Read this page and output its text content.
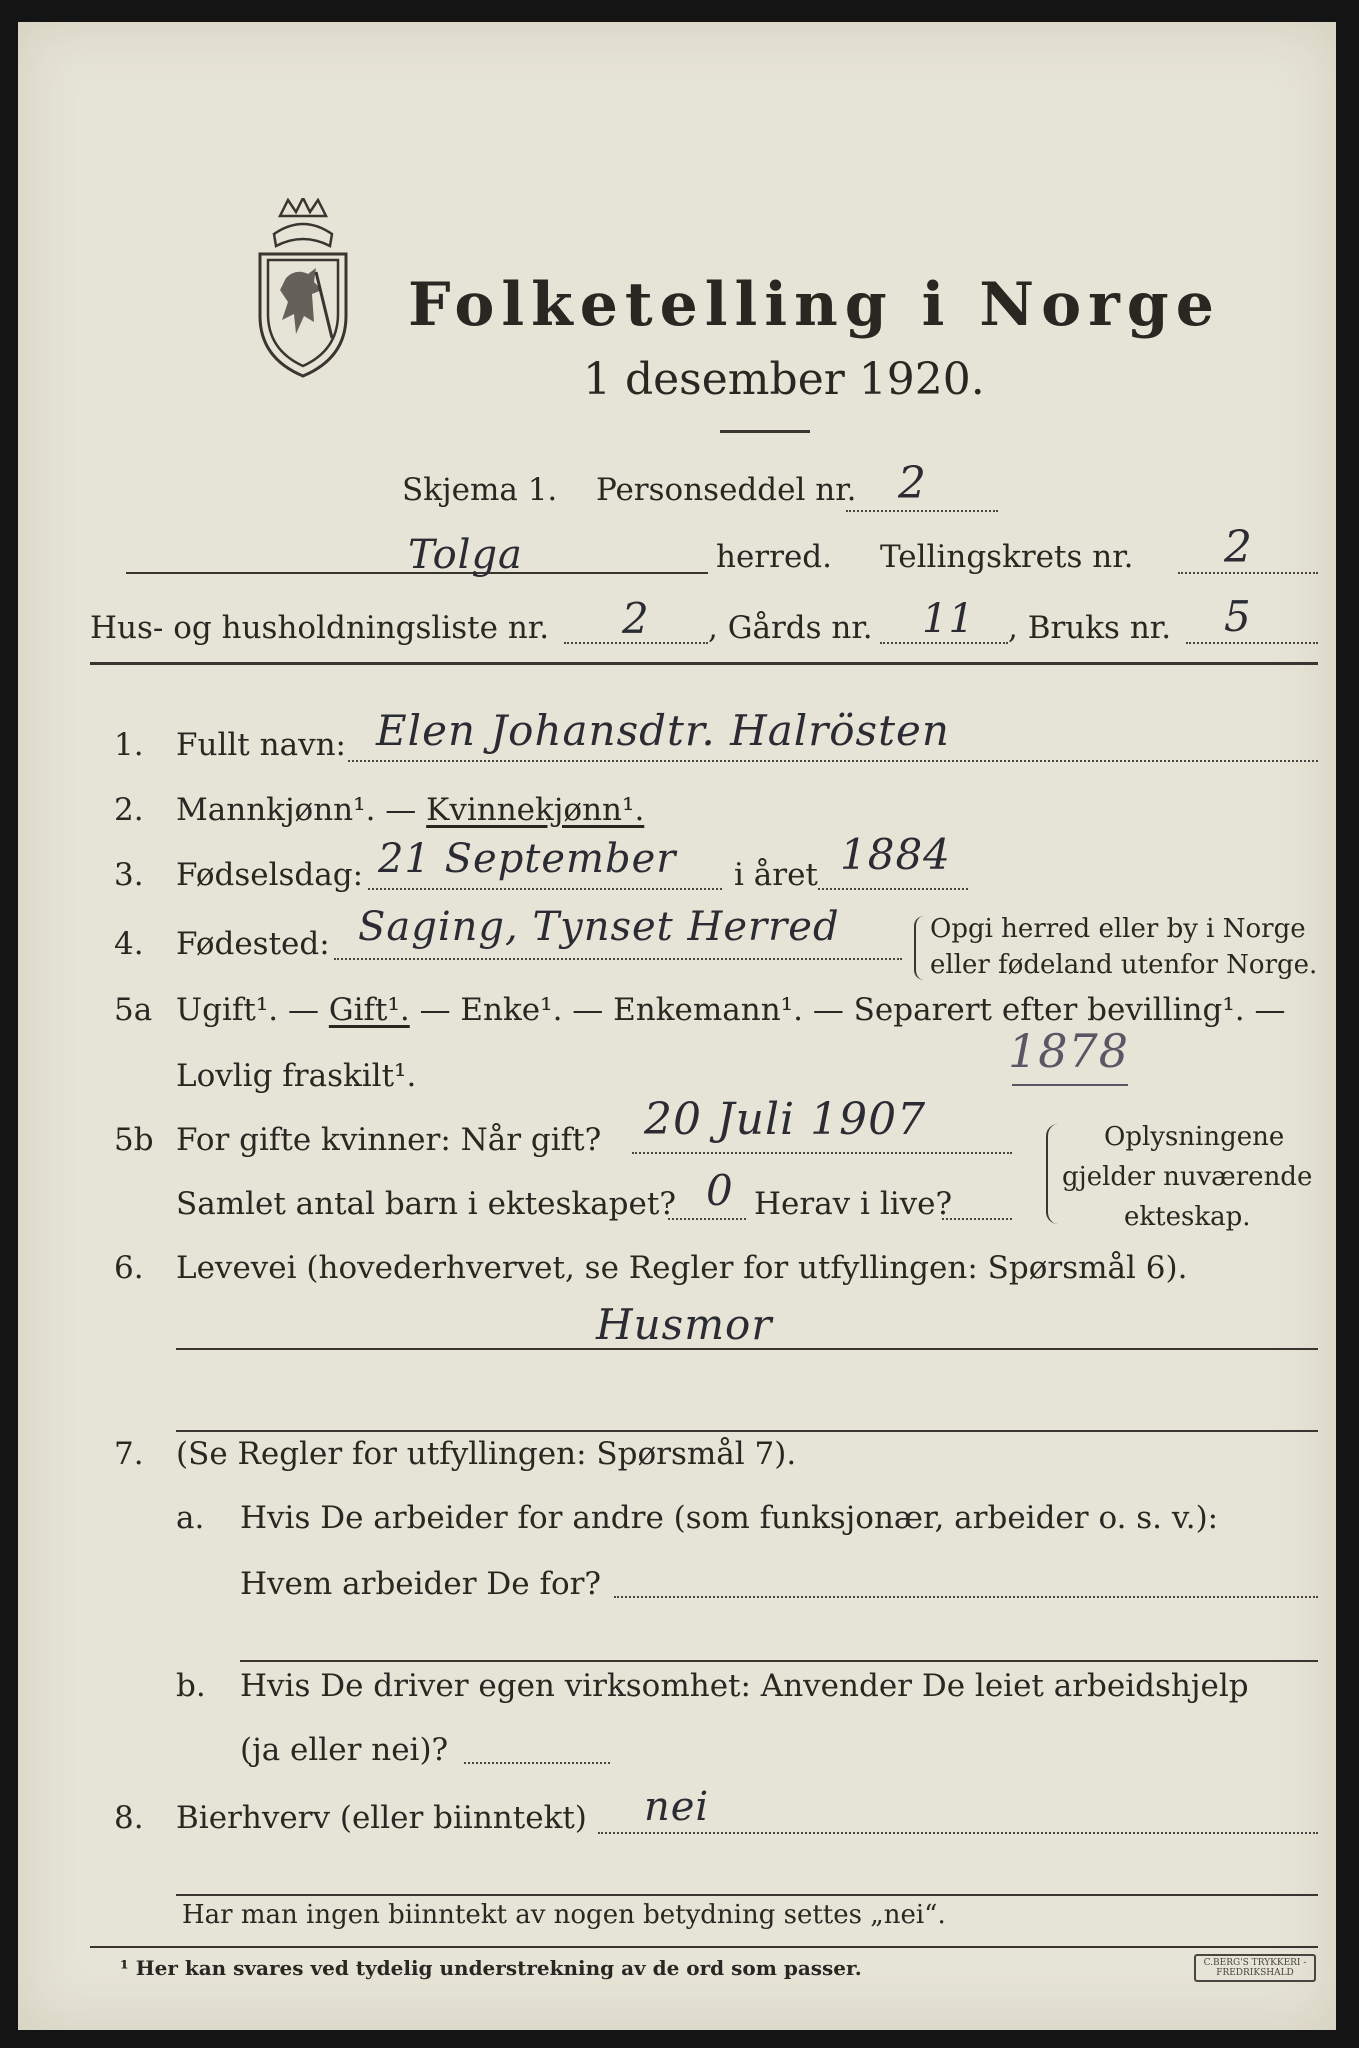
Folketelling i Norge
1 desember 1920.
Skjema 1. Personseddel nr. 2
Tolga	herred. Tellingskrets nr. 2
Hus- og husholdningsliste nr. 2 , Gårds nr. 11 , Bruks nr. 5
1. Fullt navn: Elen Johansdtr. Halrösten
2. Mannkjønn¹. — Kvinnekjønn¹.
3. Fødselsdag: 21 September i året 1884
4. Fødested: Saging, Tynset Herred	Opgi herred eller by i Norge
eller fødeland utenfor Norge.
5a Ugift¹. — Gift¹. — Enke¹. — Enkemann¹. — Separert efter bevilling¹. —
Lovlig fraskilt¹.	1878
5b For gifte kvinner: Når gift? 20 Juli 1907
Samlet antal barn i ekteskapet? 0 Herav i live?
Oplysningene
gjelder nuværende
ekteskap.
6. Levevei (hovederhvervet, se Regler for utfyllingen: Spørsmål 6).
Husmor
7. (Se Regler for utfyllingen: Spørsmål 7).
a. Hvis De arbeider for andre (som funksjonær, arbeider o. s. v.):
Hvem arbeider De for?
b. Hvis De driver egen virksomhet: Anvender De leiet arbeidshjelp
(ja eller nei)?
8. Bierhverv (eller biinntekt) nei
Har man ingen biinntekt av nogen betydning settes „nei“.
¹ Her kan svares ved tydelig understrekning av de ord som passer.	C.BERG'S TRYKKERI - FREDRIKSHALD
